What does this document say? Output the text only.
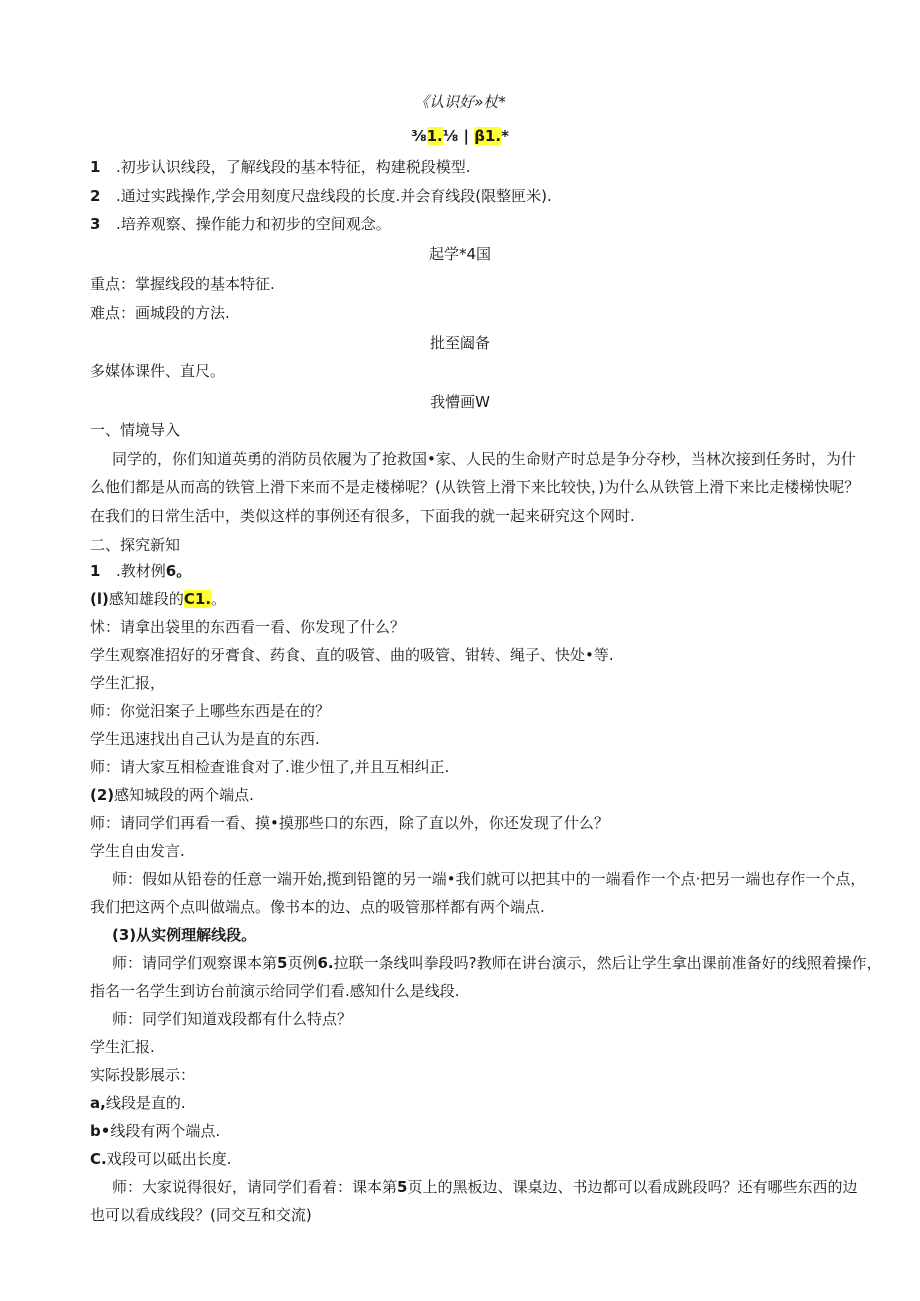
《认识好»杖*
⅜1.⅛ | β1.*
1 .初步认识线段，了解线段的基本特征，构建税段模型.
2 .通过实践操作,学会用刻度尺盘线段的长度.并会育线段(限整匣米).
3 .培养观察、操作能力和初步的空间观念。
起学*4国
重点：掌握线段的基本特征.
难点：画城段的方法.
批至阖备
多媒体课件、直尺。
我懵画W
一、情境导入
同学的，你们知道英勇的消防员依履为了抢救国•家、人民的生命财产时总是争分夺杪，当林次接到任务时，为什
么他们都是从而高的铁管上滑下来而不是走楼梯呢？(从铁管上滑下来比较快，)为什么从铁管上滑下来比走楼梯快呢？
在我们的日常生活中，类似这样的事例还有很多，下面我的就一起来研究这个网时.
二、探究新知
1 .教材例6。
(l)感知雄段的C1.。
怵：请拿出袋里的东西看一看、你发现了什么？
学生观察准招好的牙膏食、药食、直的吸管、曲的吸管、钳转、绳子、快处•等.
学生汇报，
师：你觉汨案子上哪些东西是在的？
学生迅速找出自己认为是直的东西.
师：请大家互相检查谁食对了.谁少忸了,并且互相纠正.
(2)感知城段的两个端点.
师：请同学们再看一看、摸•摸那些口的东西，除了直以外，你还发现了什么？
学生自由发言.
师：假如从铅卷的任意一端开始,揽到铅篦的另一端•我们就可以把其中的一端看作一个点·把另一端也存作一个点，
我们把这两个点叫做端点。像书本的边、点的吸管那样都有两个端点.
(3)从实例理解线段。
师：请同学们观察课本第5页例6.拉联一条线叫拳段吗?教师在讲台演示，然后让学生拿出课前准备好的线照着操作，
指名一名学生到访台前演示给同学们看.感知什么是线段.
师：同学们知道戏段都有什么特点？
学生汇报.
实际投影展示：
a,线段是直的.
b•线段有两个端点.
C.戏段可以砥出长度.
师：大家说得很好，请同学们看着：课本第5页上的黑板边、课桌边、书边都可以看成跳段吗？还有哪些东西的边
也可以看成线段？(同交互和交流)
